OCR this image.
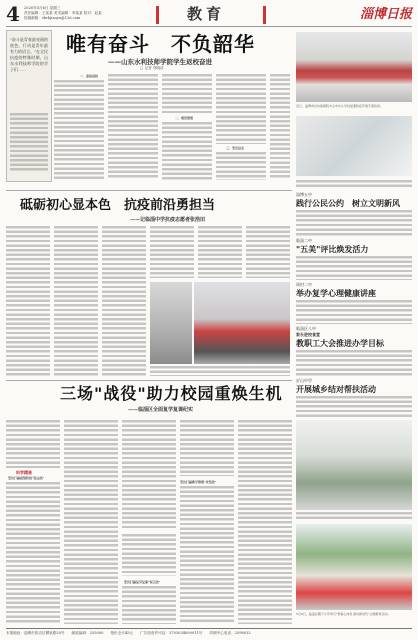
4 2020年5月6日 星期三
责任编辑：王某某 美术编辑：李某某 校对：赵某
投稿邮箱：zbrbjiaoyu@126.com	教育	淄博日报
"奋斗是青春最亮丽的底色，行动是青年最有力的语言。"在全民抗疫的特殊时期，山东水利技师学院的学子们……
唯有奋斗　不负韶华
——山东水利技师学院学生返校奋进
□ 记者 郑晓清
一、迎接返校
二、规范管理
三、坚定信念
近日，淄博市妇幼保健院为全市中小学校复课防疫开展专项培训。
砥砺初心显本色　抗疫前沿勇担当
——记临淄中学抗疫志愿者张浩田
三场"战役"助力校园重焕生机
——临淄区全面复学复课纪实
科学精准
坚决打赢疫情防控"阻击战"
坚决打赢教学管理"攻坚战"
坚决打赢复学复课"保卫战"
淄博五中
践行公民公约　树立文明新风
临淄二中
"五美"评比焕发活力
周村二中
举办复学心理健康讲座
临淄区八中
家长进校食堂
教职工大会推进办学目标
沂山中学
开展城乡结对帮扶活动
5月4日，临淄区稷下小学举行"青春心向党 建功新时代"主题教育活动。
本报地址：淄博市张店区柳泉路20号　　邮政编码：255000　　报价全月45元　　广告经营许可证：3703034000011号　　印刷中心电话：2598032
